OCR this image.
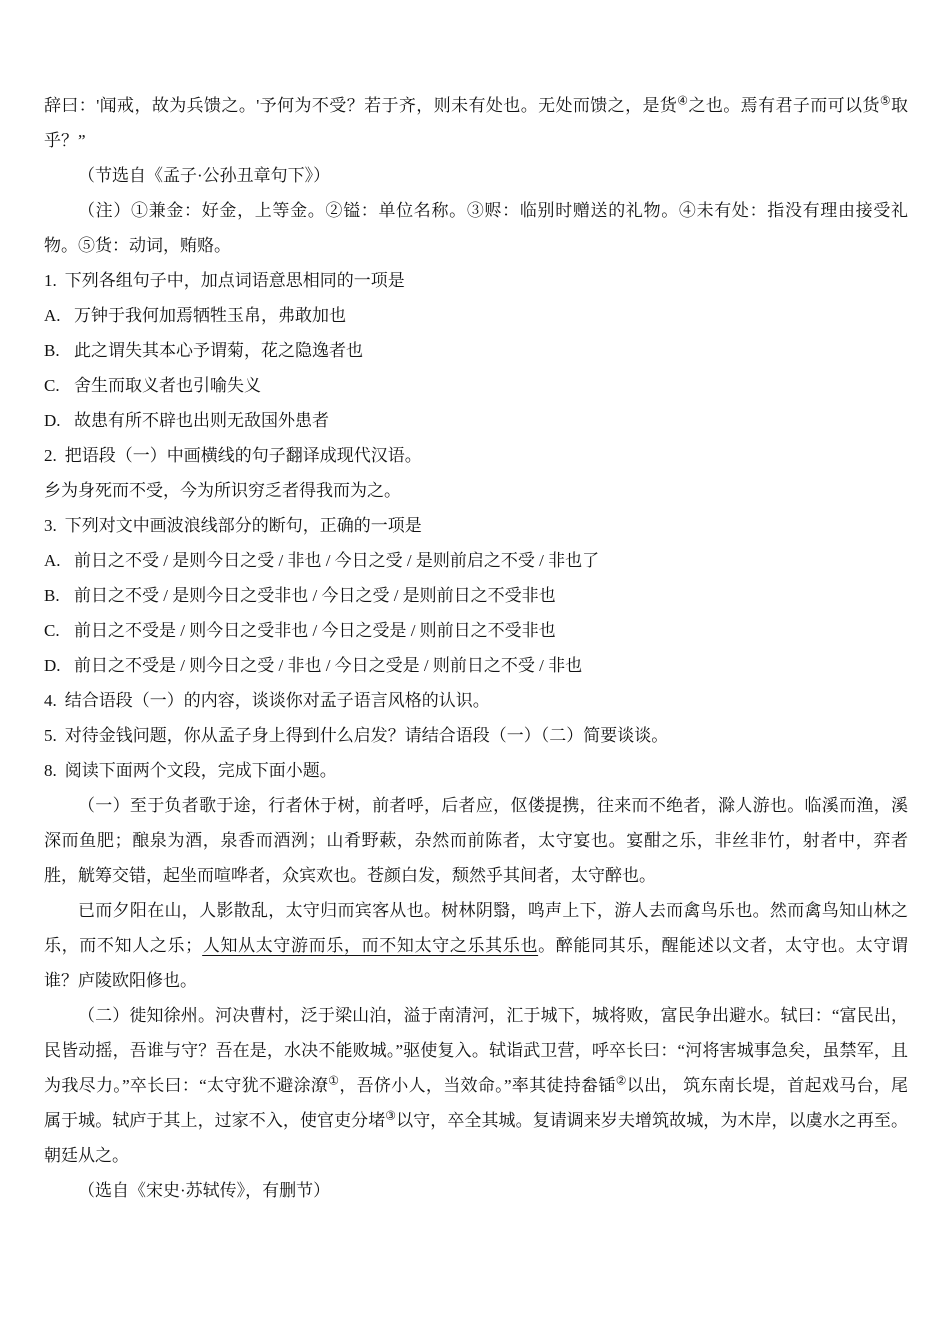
辞曰：'闻戒，故为兵馈之。'予何为不受？若于齐，则未有处也。无处而馈之，是货④之也。焉有君子而可以货⑤取乎？”
（节选自《孟子·公孙丑章句下》）
（注）①兼金：好金，上等金。②镒：单位名称。③赆：临别时赠送的礼物。④未有处：指没有理由接受礼物。⑤货：动词，贿赂。
1. 下列各组句子中，加点词语意思相同的一项是
A. 万钟于我何加焉牺牲玉帛，弗敢加也
B. 此之谓失其本心予谓菊，花之隐逸者也
C. 舍生而取义者也引喻失义
D. 故患有所不辟也出则无敌国外患者
2. 把语段（一）中画横线的句子翻译成现代汉语。
乡为身死而不受，今为所识穷乏者得我而为之。
3. 下列对文中画波浪线部分的断句，正确的一项是
A. 前日之不受 / 是则今日之受 / 非也 / 今日之受 / 是则前启之不受 / 非也了
B. 前日之不受 / 是则今日之受非也 / 今日之受 / 是则前日之不受非也
C. 前日之不受是 / 则今日之受非也 / 今日之受是 / 则前日之不受非也
D. 前日之不受是 / 则今日之受 / 非也 / 今日之受是 / 则前日之不受 / 非也
4. 结合语段（一）的内容，谈谈你对孟子语言风格的认识。
5. 对待金钱问题，你从孟子身上得到什么启发？请结合语段（一）（二）简要谈谈。
8. 阅读下面两个文段，完成下面小题。
（一）至于负者歌于途，行者休于树，前者呼，后者应，伛偻提携，往来而不绝者，滁人游也。临溪而渔，溪深而鱼肥；酿泉为酒，泉香而酒洌；山肴野蔌，杂然而前陈者，太守宴也。宴酣之乐，非丝非竹，射者中，弈者胜，觥筹交错，起坐而喧哗者，众宾欢也。苍颜白发，颓然乎其间者，太守醉也。
已而夕阳在山，人影散乱，太守归而宾客从也。树林阴翳，鸣声上下，游人去而禽鸟乐也。然而禽鸟知山林之乐，而不知人之乐；人知从太守游而乐，而不知太守之乐其乐也。醉能同其乐，醒能述以文者，太守也。太守谓谁？庐陵欧阳修也。
（二）徙知徐州。河决曹村，泛于梁山泊，溢于南清河，汇于城下，城将败，富民争出避水。轼曰：“富民出，民皆动摇，吾谁与守？吾在是，水决不能败城。”驱使复入。轼诣武卫营，呼卒长曰：“河将害城事急矣，虽禁军，且为我尽力。”卒长曰：“太守犹不避涂潦①，吾侪小人，当效命。”率其徒持畚锸②以出， 筑东南长堤，首起戏马台，尾属于城。轼庐于其上，过家不入，使官吏分堵③以守，卒全其城。复请调来岁夫增筑故城，为木岸，以虞水之再至。朝廷从之。
（选自《宋史·苏轼传》，有删节）
